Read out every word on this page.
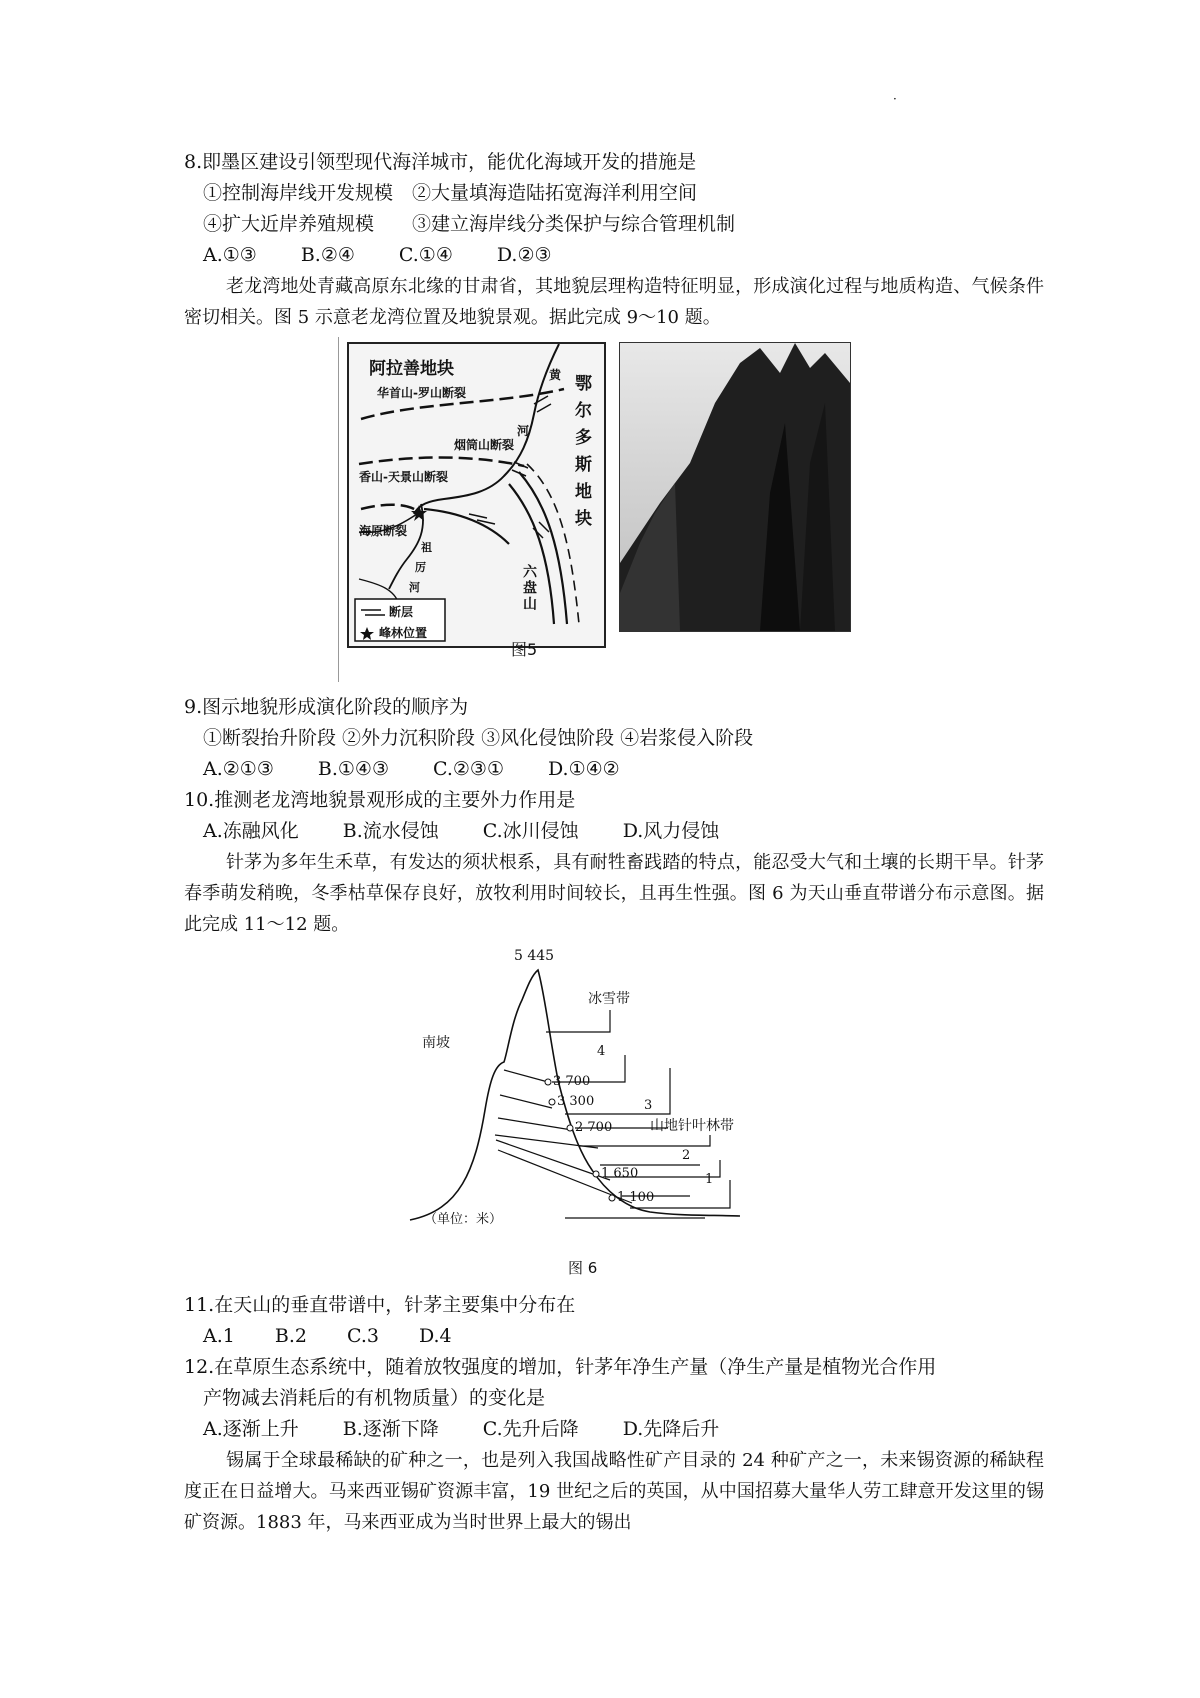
·
8.即墨区建设引领型现代海洋城市，能优化海域开发的措施是
①控制海岸线开发规模　②大量填海造陆拓宽海洋利用空间
④扩大近岸养殖规模　　③建立海岸线分类保护与综合管理机制
A.①③ B.②④ C.①④ D.②③
老龙湾地处青藏高原东北缘的甘肃省，其地貌层理构造特征明显，形成演化过程与地质构造、气候条件密切相关。图 5 示意老龙湾位置及地貌景观。据此完成 9～10 题。
阿拉善地块
华首山-罗山断裂
烟筒山断裂
香山-天景山断裂
海原断裂
黄
河 鄂尔多斯地块
祖
厉
河	六盘山
断层
峰林位置
图5
9.图示地貌形成演化阶段的顺序为
①断裂抬升阶段 ②外力沉积阶段 ③风化侵蚀阶段 ④岩浆侵入阶段
A.②①③ B.①④③ C.②③① D.①④②
10.推测老龙湾地貌景观形成的主要外力作用是
A.冻融风化 B.流水侵蚀 C.冰川侵蚀 D.风力侵蚀
针茅为多年生禾草，有发达的须状根系，具有耐牲畜践踏的特点，能忍受大气和土壤的长期干旱。针茅春季萌发稍晚，冬季枯草保存良好，放牧利用时间较长，且再生性强。图 6 为天山垂直带谱分布示意图。据此完成 11～12 题。
5 445
冰雪带
南坡
4
3 700
3 300	3
山地针叶林带
2 700
2
1 650	1
1 100
（单位：米）
图 6
11.在天山的垂直带谱中，针茅主要集中分布在
A.1 B.2 C.3 D.4
12.在草原生态系统中，随着放牧强度的增加，针茅年净生产量（净生产量是植物光合作用
产物减去消耗后的有机物质量）的变化是
A.逐渐上升 B.逐渐下降 C.先升后降 D.先降后升
锡属于全球最稀缺的矿种之一，也是列入我国战略性矿产目录的 24 种矿产之一，未来锡资源的稀缺程度正在日益增大。马来西亚锡矿资源丰富，19 世纪之后的英国，从中国招募大量华人劳工肆意开发这里的锡矿资源。1883 年，马来西亚成为当时世界上最大的锡出
